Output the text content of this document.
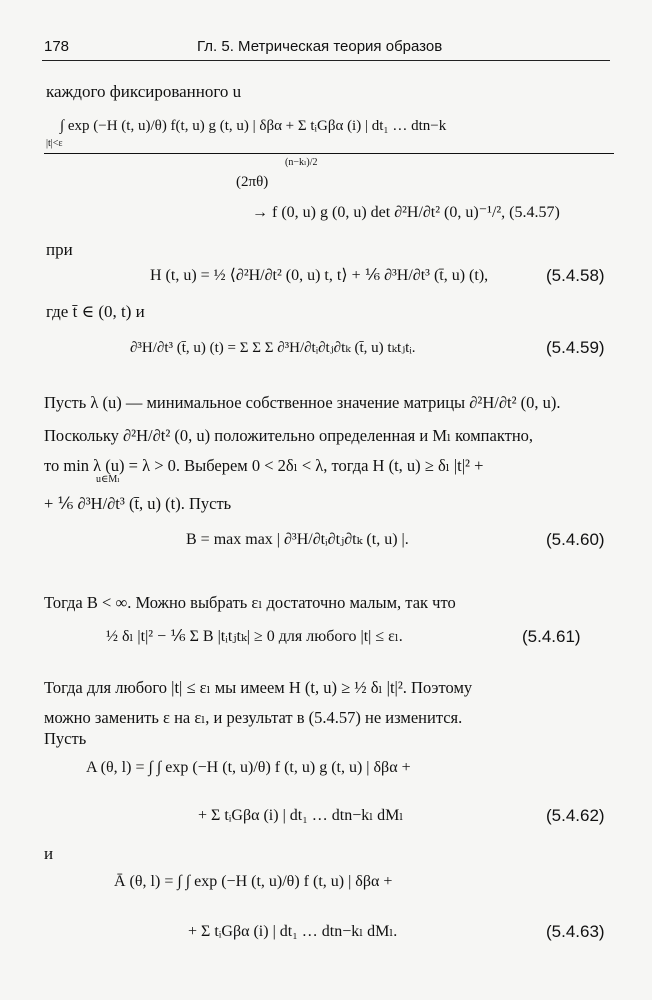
178	Гл. 5. Метрическая теория образов
каждого фиксированного u
∫ exp (−H (t, u)/θ) f(t, u) g (t, u) | δβα + Σ tᵢGβα (i) | dt₁ … dtn−k
|t|<ε
(n−kₗ)/2
(2πθ)
→ f (0, u) g (0, u) det ∂²H/∂t² (0, u)⁻¹/², (5.4.57)
при
H (t, u) = ½ ⟨∂²H/∂t² (0, u) t, t⟩ + ⅙ ∂³H/∂t³ (t̄, u) (t),	(5.4.58)
где t̄ ∈ (0, t) и
∂³H/∂t³ (t̄, u) (t) = Σ Σ Σ ∂³H/∂tᵢ∂tⱼ∂tₖ (t̄, u) tₖtⱼtᵢ.	(5.4.59)
Пусть λ (u) — минимальное собственное значение матрицы ∂²H/∂t² (0, u).
Поскольку ∂²H/∂t² (0, u) положительно определенная и Mₗ компактно,
то min λ (u) = λ > 0. Выберем 0 < 2δₗ < λ, тогда H (t, u) ≥ δₗ |t|² +
u∈Mₗ
+ ⅙ ∂³H/∂t³ (t̄, u) (t). Пусть
B = max max | ∂³H/∂tᵢ∂tⱼ∂tₖ (t, u) |.	(5.4.60)
Тогда B < ∞. Можно выбрать εₗ достаточно малым, так что
½ δₗ |t|² − ⅙ Σ B |tᵢtⱼtₖ| ≥ 0 для любого |t| ≤ εₗ.	(5.4.61)
Тогда для любого |t| ≤ εₗ мы имеем H (t, u) ≥ ½ δₗ |t|². Поэтому
можно заменить ε на εₗ, и результат в (5.4.57) не изменится.
Пусть
A (θ, l) = ∫ ∫ exp (−H (t, u)/θ) f (t, u) g (t, u) | δβα +
+ Σ tᵢGβα (i) | dt₁ … dtn−kₗ dMₗ	(5.4.62)
и
Ā (θ, l) = ∫ ∫ exp (−H (t, u)/θ) f (t, u) | δβα +
+ Σ tᵢGβα (i) | dt₁ … dtn−kₗ dMₗ.	(5.4.63)
